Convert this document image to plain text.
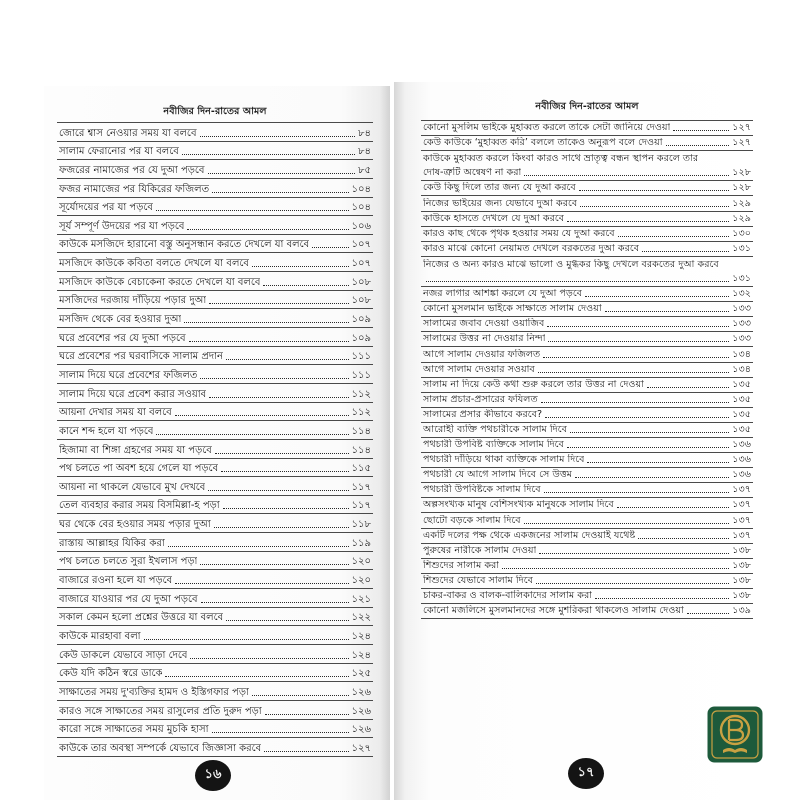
নবীজির দিন-রাতের আমল
জোরে শ্বাস নেওয়ার সময় যা বলবে	৮৪
সালাম ফেরানোর পর যা বলবে	৮৪
ফজরের নামাজের পর যে দুআ পড়বে	৮৫
ফজর নামাজের পর যিকিরের ফজিলত	১০৪
সূর্যোদয়ের পর যা পড়বে	১০৪
সূর্য সম্পূর্ণ উদয়ের পর যা পড়বে	১০৬
কাউকে মসজিদে হারানো বস্তু অনুসন্ধান করতে দেখলে যা বলবে	১০৭
মসজিদে কাউকে কবিতা বলতে দেখলে যা বলবে	১০৭
মসজিদে কাউকে বেচাকেনা করতে দেখলে যা বলবে	১০৮
মসজিদের দরজায় দাঁড়িয়ে পড়ার দুআ	১০৮
মসজিদ থেকে বের হওয়ার দুআ	১০৯
ঘরে প্রবেশের পর যে দুআ পড়বে	১০৯
ঘরে প্রবেশের পর ঘরবাসিকে সালাম প্রদান	১১১
সালাম দিয়ে ঘরে প্রবেশের ফজিলত	১১১
সালাম দিয়ে ঘরে প্রবেশ করার সওয়াব	১১২
আয়না দেখার সময় যা বলবে	১১২
কানে শব্দ হলে যা পড়বে	১১৪
হিজামা বা শিঙ্গা গ্রহণের সময় যা পড়বে	১১৪
পথ চলতে পা অবশ হয়ে গেলে যা পড়বে	১১৫
আয়না না থাকলে যেভাবে মুখ দেখবে	১১৭
তেল ব্যবহার করার সময় বিসমিল্লা-হ পড়া	১১৭
ঘর থেকে বের হওয়ার সময় পড়ার দুআ	১১৮
রাস্তায় আল্লাহর যিকির করা	১১৯
পথ চলতে চলতে সুরা ইখলাস পড়া	১২০
বাজারে রওনা হলে যা পড়বে	১২০
বাজারে যাওয়ার পর যে দুআ পড়বে	১২১
সকাল কেমন হলো প্রশ্নের উত্তরে যা বলবে	১২২
কাউকে মারহাবা বলা	১২৪
কেউ ডাকলে যেভাবে সাড়া দেবে	১২৪
কেউ যদি কঠিন স্বরে ডাকে	১২৫
সাক্ষাতের সময় দু'ব্যক্তির হামদ ও ইস্তিগফার পড়া	১২৬
কারও সঙ্গে সাক্ষাতের সময় রাসুলের প্রতি দুরুদ পড়া	১২৬
কারো সঙ্গে সাক্ষাতের সময় মুচকি হাসা	১২৬
কাউকে তার অবস্থা সম্পর্কে যেভাবে জিজ্ঞাসা করবে	১২৭
১৬
নবীজির দিন-রাতের আমল
কোনো মুসলিম ভাইকে মুহাব্বত করলে তাকে সেটা জানিয়ে দেওয়া	১২৭
কেউ কাউকে ‘মুহাব্বত করি’ বললে তাকেও অনুরূপ বলে দেওয়া	১২৭
কাউকে মুহাব্বত করলে কিংবা কারও সাথে ভ্রাতৃত্ব বন্ধন স্থাপন করলে তার
দোষ-ত্রুটি অন্বেষণ না করা	১২৮
কেউ কিছু দিলে তার জন্য যে দুআ করবে	১২৮
নিজের ভাইয়ের জন্য যেভাবে দুআ করবে	১২৯
কাউকে হাসতে দেখলে যে দুআ করবে	১২৯
কারও কাছ থেকে পৃথক হওয়ার সময় যে দুআ করবে	১৩০
কারও মাঝে কোনো নেয়ামত দেখলে বরকতের দুআ করবে	১৩১
নিজের ও অন্য কারও মাঝে ভালো ও মুগ্ধকর কিছু দেখলে বরকতের দুআ করবে
১৩১
নজর লাগার আশঙ্কা করলে যে দুআ পড়বে	১৩২
কোনো মুসলমান ভাইকে সাক্ষাতে সালাম দেওয়া	১৩৩
সালামের জবাব দেওয়া ওয়াজিব	১৩৩
সালামের উত্তর না দেওয়ার নিন্দা	১৩৩
আগে সালাম দেওয়ার ফজিলত	১৩৪
আগে সালাম দেওয়ার সওয়াব	১৩৪
সালাম না দিয়ে কেউ কথা শুরু করলে তার উত্তর না দেওয়া	১৩৫
সালাম প্রচার-প্রসারের ফযিলত	১৩৫
সালামের প্রসার কীভাবে করবে?	১৩৫
আরোহী ব্যক্তি পথচারীকে সালাম দিবে	১৩৫
পথচারী উপবিষ্ট ব্যক্তিকে সালাম দিবে	১৩৬
পথচারী দাঁড়িয়ে থাকা ব্যক্তিকে সালাম দিবে	১৩৬
পথচারী যে আগে সালাম দিবে সে উত্তম	১৩৬
পথচারী উপবিষ্টকে সালাম দিবে	১৩৭
অল্পসংখ্যক মানুষ বেশিসংখ্যক মানুষকে সালাম দিবে	১৩৭
ছোটো বড়কে সালাম দিবে	১৩৭
একটি দলের পক্ষ থেকে একজনের সালাম দেওয়াই যথেষ্ট	১৩৭
পুরুষের নারীকে সালাম দেওয়া	১৩৮
শিশুদের সালাম করা	১৩৮
শিশুদের যেভাবে সালাম দিবে	১৩৮
চাকর-বাকর ও বালক-বালিকাদের সালাম করা	১৩৮
কোনো মজলিসে মুসলমানদের সঙ্গে মুশরিকরা থাকলেও সালাম দেওয়া	১৩৯
১৭
